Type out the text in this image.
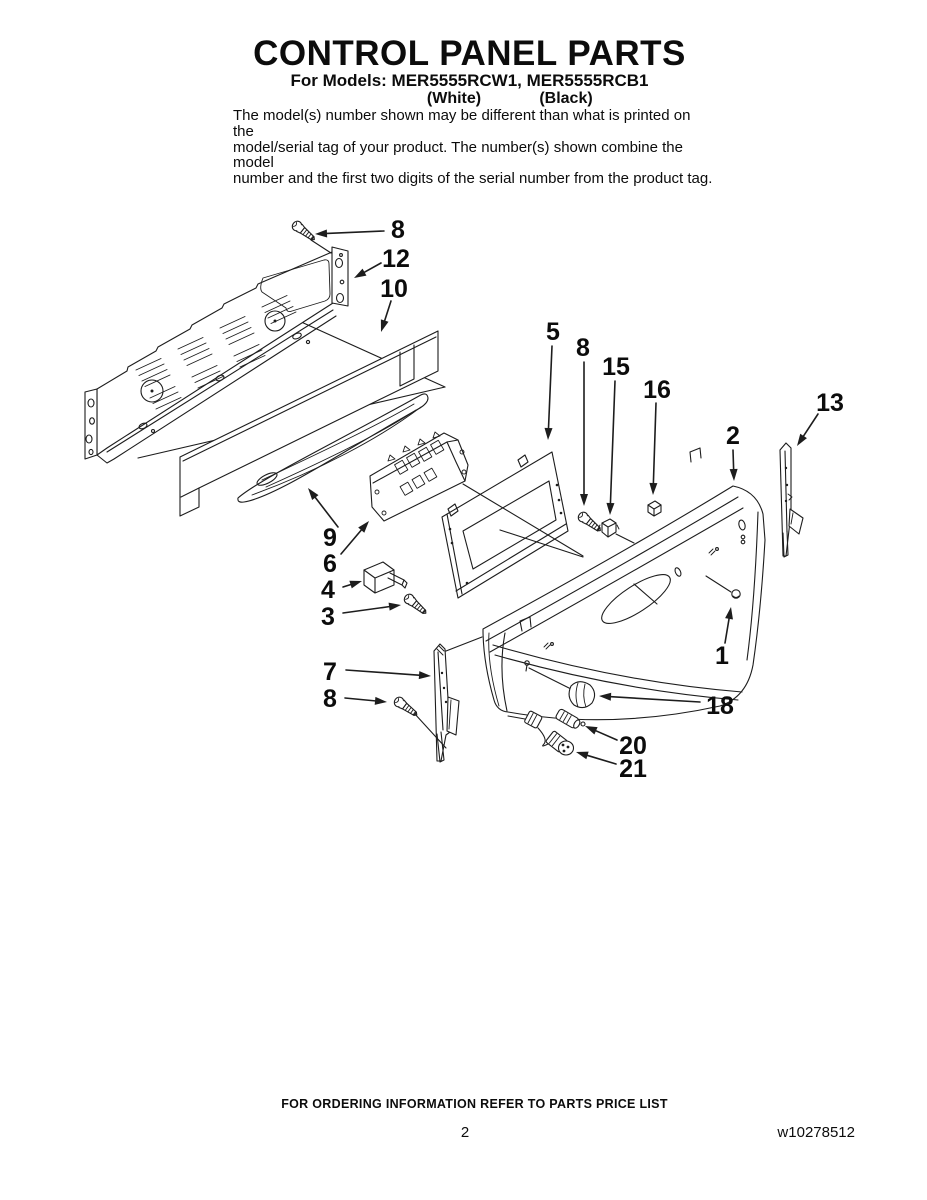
CONTROL PANEL PARTS
For Models: MER5555RCW1, MER5555RCB1
(White)	(Black)
The model(s) number shown may be different than what is printed on the
model/serial tag of your product. The number(s) shown combine the model
number and the first two digits of the serial number from the product tag.
8
12
10
5
8
15
16
2
13
9
6
4
3
7
8
1
18
20
21
FOR ORDERING INFORMATION REFER TO PARTS PRICE LIST
2	w10278512
